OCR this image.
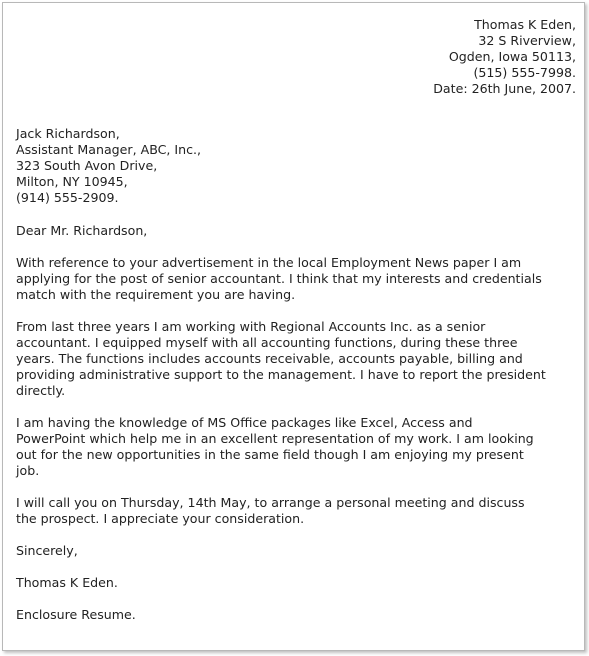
Thomas K Eden,
32 S Riverview,
Ogden, Iowa 50113,
(515) 555-7998.
Date: 26th June, 2007.
Jack Richardson,
Assistant Manager, ABC, Inc.,
323 South Avon Drive,
Milton, NY 10945,
(914) 555-2909.
Dear Mr. Richardson,
With reference to your advertisement in the local Employment News paper I am
applying for the post of senior accountant. I think that my interests and credentials
match with the requirement you are having.
From last three years I am working with Regional Accounts Inc. as a senior
accountant. I equipped myself with all accounting functions, during these three
years. The functions includes accounts receivable, accounts payable, billing and
providing administrative support to the management. I have to report the president
directly.
I am having the knowledge of MS Office packages like Excel, Access and
PowerPoint which help me in an excellent representation of my work. I am looking
out for the new opportunities in the same field though I am enjoying my present
job.
I will call you on Thursday, 14th May, to arrange a personal meeting and discuss
the prospect. I appreciate your consideration.
Sincerely,
Thomas K Eden.
Enclosure Resume.
